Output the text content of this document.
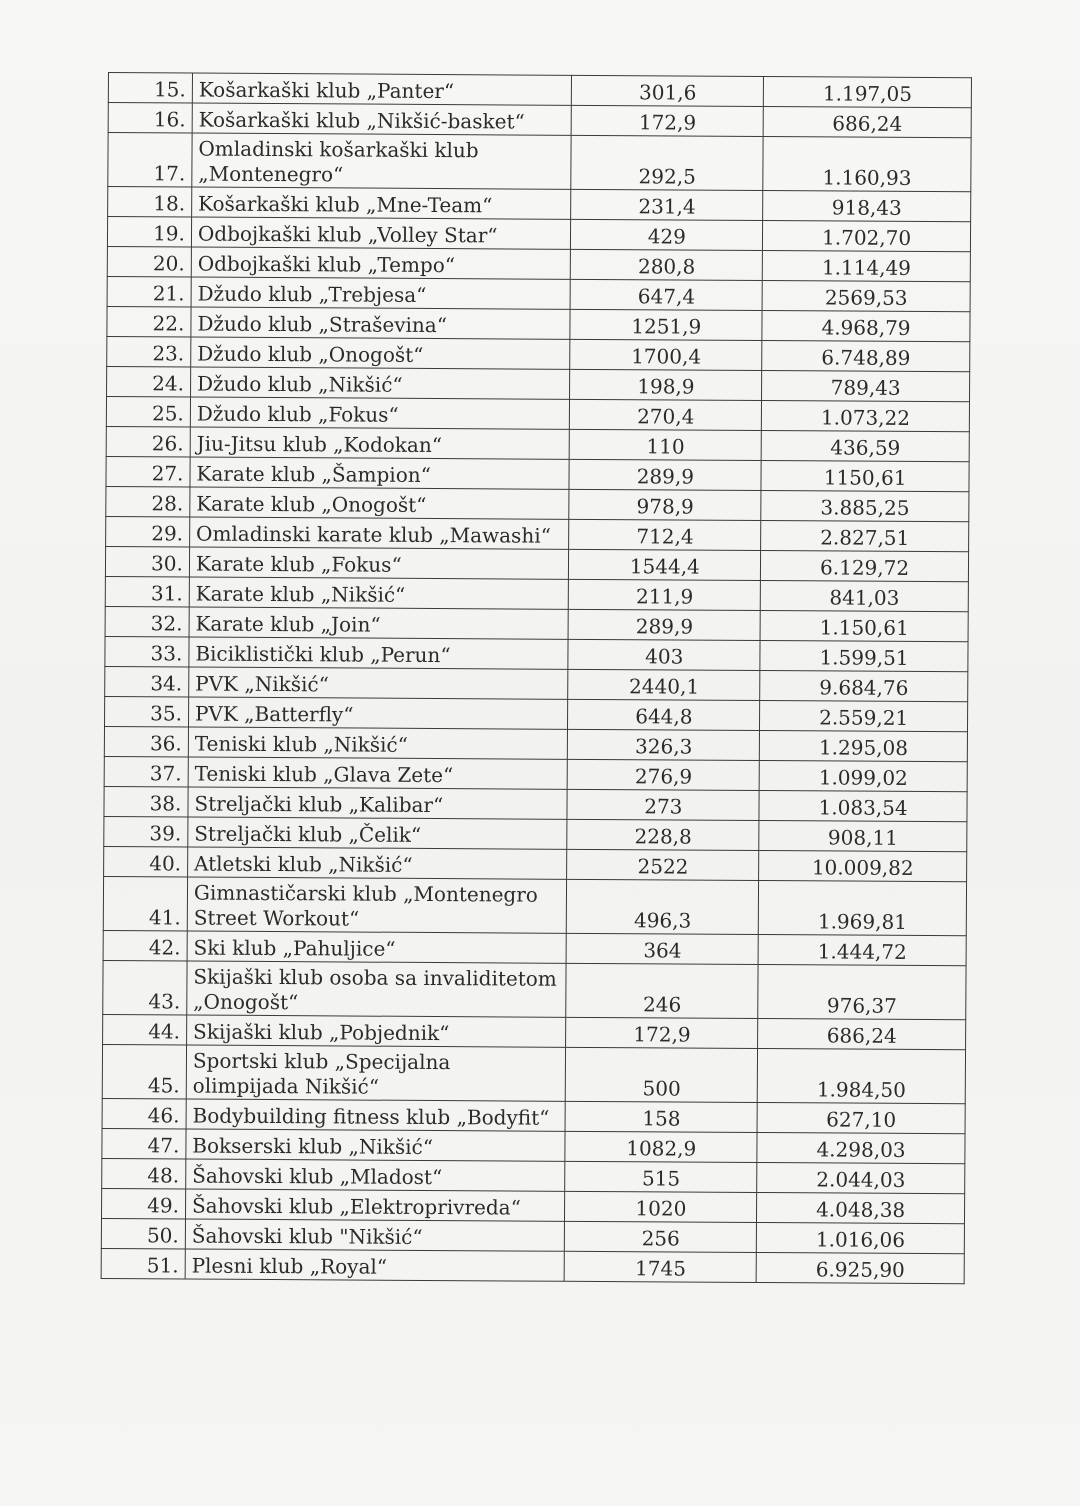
15.	Košarkaški klub „Panter“	301,6	1.197,05
16.	Košarkaški klub „Nikšić-basket“	172,9	686,24
17.	Omladinski košarkaški klub „Montenegro“	292,5	1.160,93
18.	Košarkaški klub „Mne-Team“	231,4	918,43
19.	Odbojkaški klub „Volley Star“	429	1.702,70
20.	Odbojkaški klub „Tempo“	280,8	1.114,49
21.	Džudo klub „Trebjesa“	647,4	2569,53
22.	Džudo klub „Straševina“	1251,9	4.968,79
23.	Džudo klub „Onogošt“	1700,4	6.748,89
24.	Džudo klub „Nikšić“	198,9	789,43
25.	Džudo klub „Fokus“	270,4	1.073,22
26.	Jiu-Jitsu klub „Kodokan“	110	436,59
27.	Karate klub „Šampion“	289,9	1150,61
28.	Karate klub „Onogošt“	978,9	3.885,25
29.	Omladinski karate klub „Mawashi“	712,4	2.827,51
30.	Karate klub „Fokus“	1544,4	6.129,72
31.	Karate klub „Nikšić“	211,9	841,03
32.	Karate klub „Join“	289,9	1.150,61
33.	Biciklistički klub „Perun“	403	1.599,51
34.	PVK „Nikšić“	2440,1	9.684,76
35.	PVK „Batterfly“	644,8	2.559,21
36.	Teniski klub „Nikšić“	326,3	1.295,08
37.	Teniski klub „Glava Zete“	276,9	1.099,02
38.	Streljački klub „Kalibar“	273	1.083,54
39.	Streljački klub „Čelik“	228,8	908,11
40.	Atletski klub „Nikšić“	2522	10.009,82
41.	Gimnastičarski klub „Montenegro Street Workout“	496,3	1.969,81
42.	Ski klub „Pahuljice“	364	1.444,72
43.	Skijaški klub osoba sa invaliditetom „Onogošt“	246	976,37
44.	Skijaški klub „Pobjednik“	172,9	686,24
45.	Sportski klub „Specijalna olimpijada Nikšić“	500	1.984,50
46.	Bodybuilding fitness klub „Bodyfit“	158	627,10
47.	Bokserski klub „Nikšić“	1082,9	4.298,03
48.	Šahovski klub „Mladost“	515	2.044,03
49.	Šahovski klub „Elektroprivreda“	1020	4.048,38
50.	Šahovski klub "Nikšić“	256	1.016,06
51.	Plesni klub „Royal“	1745	6.925,90
